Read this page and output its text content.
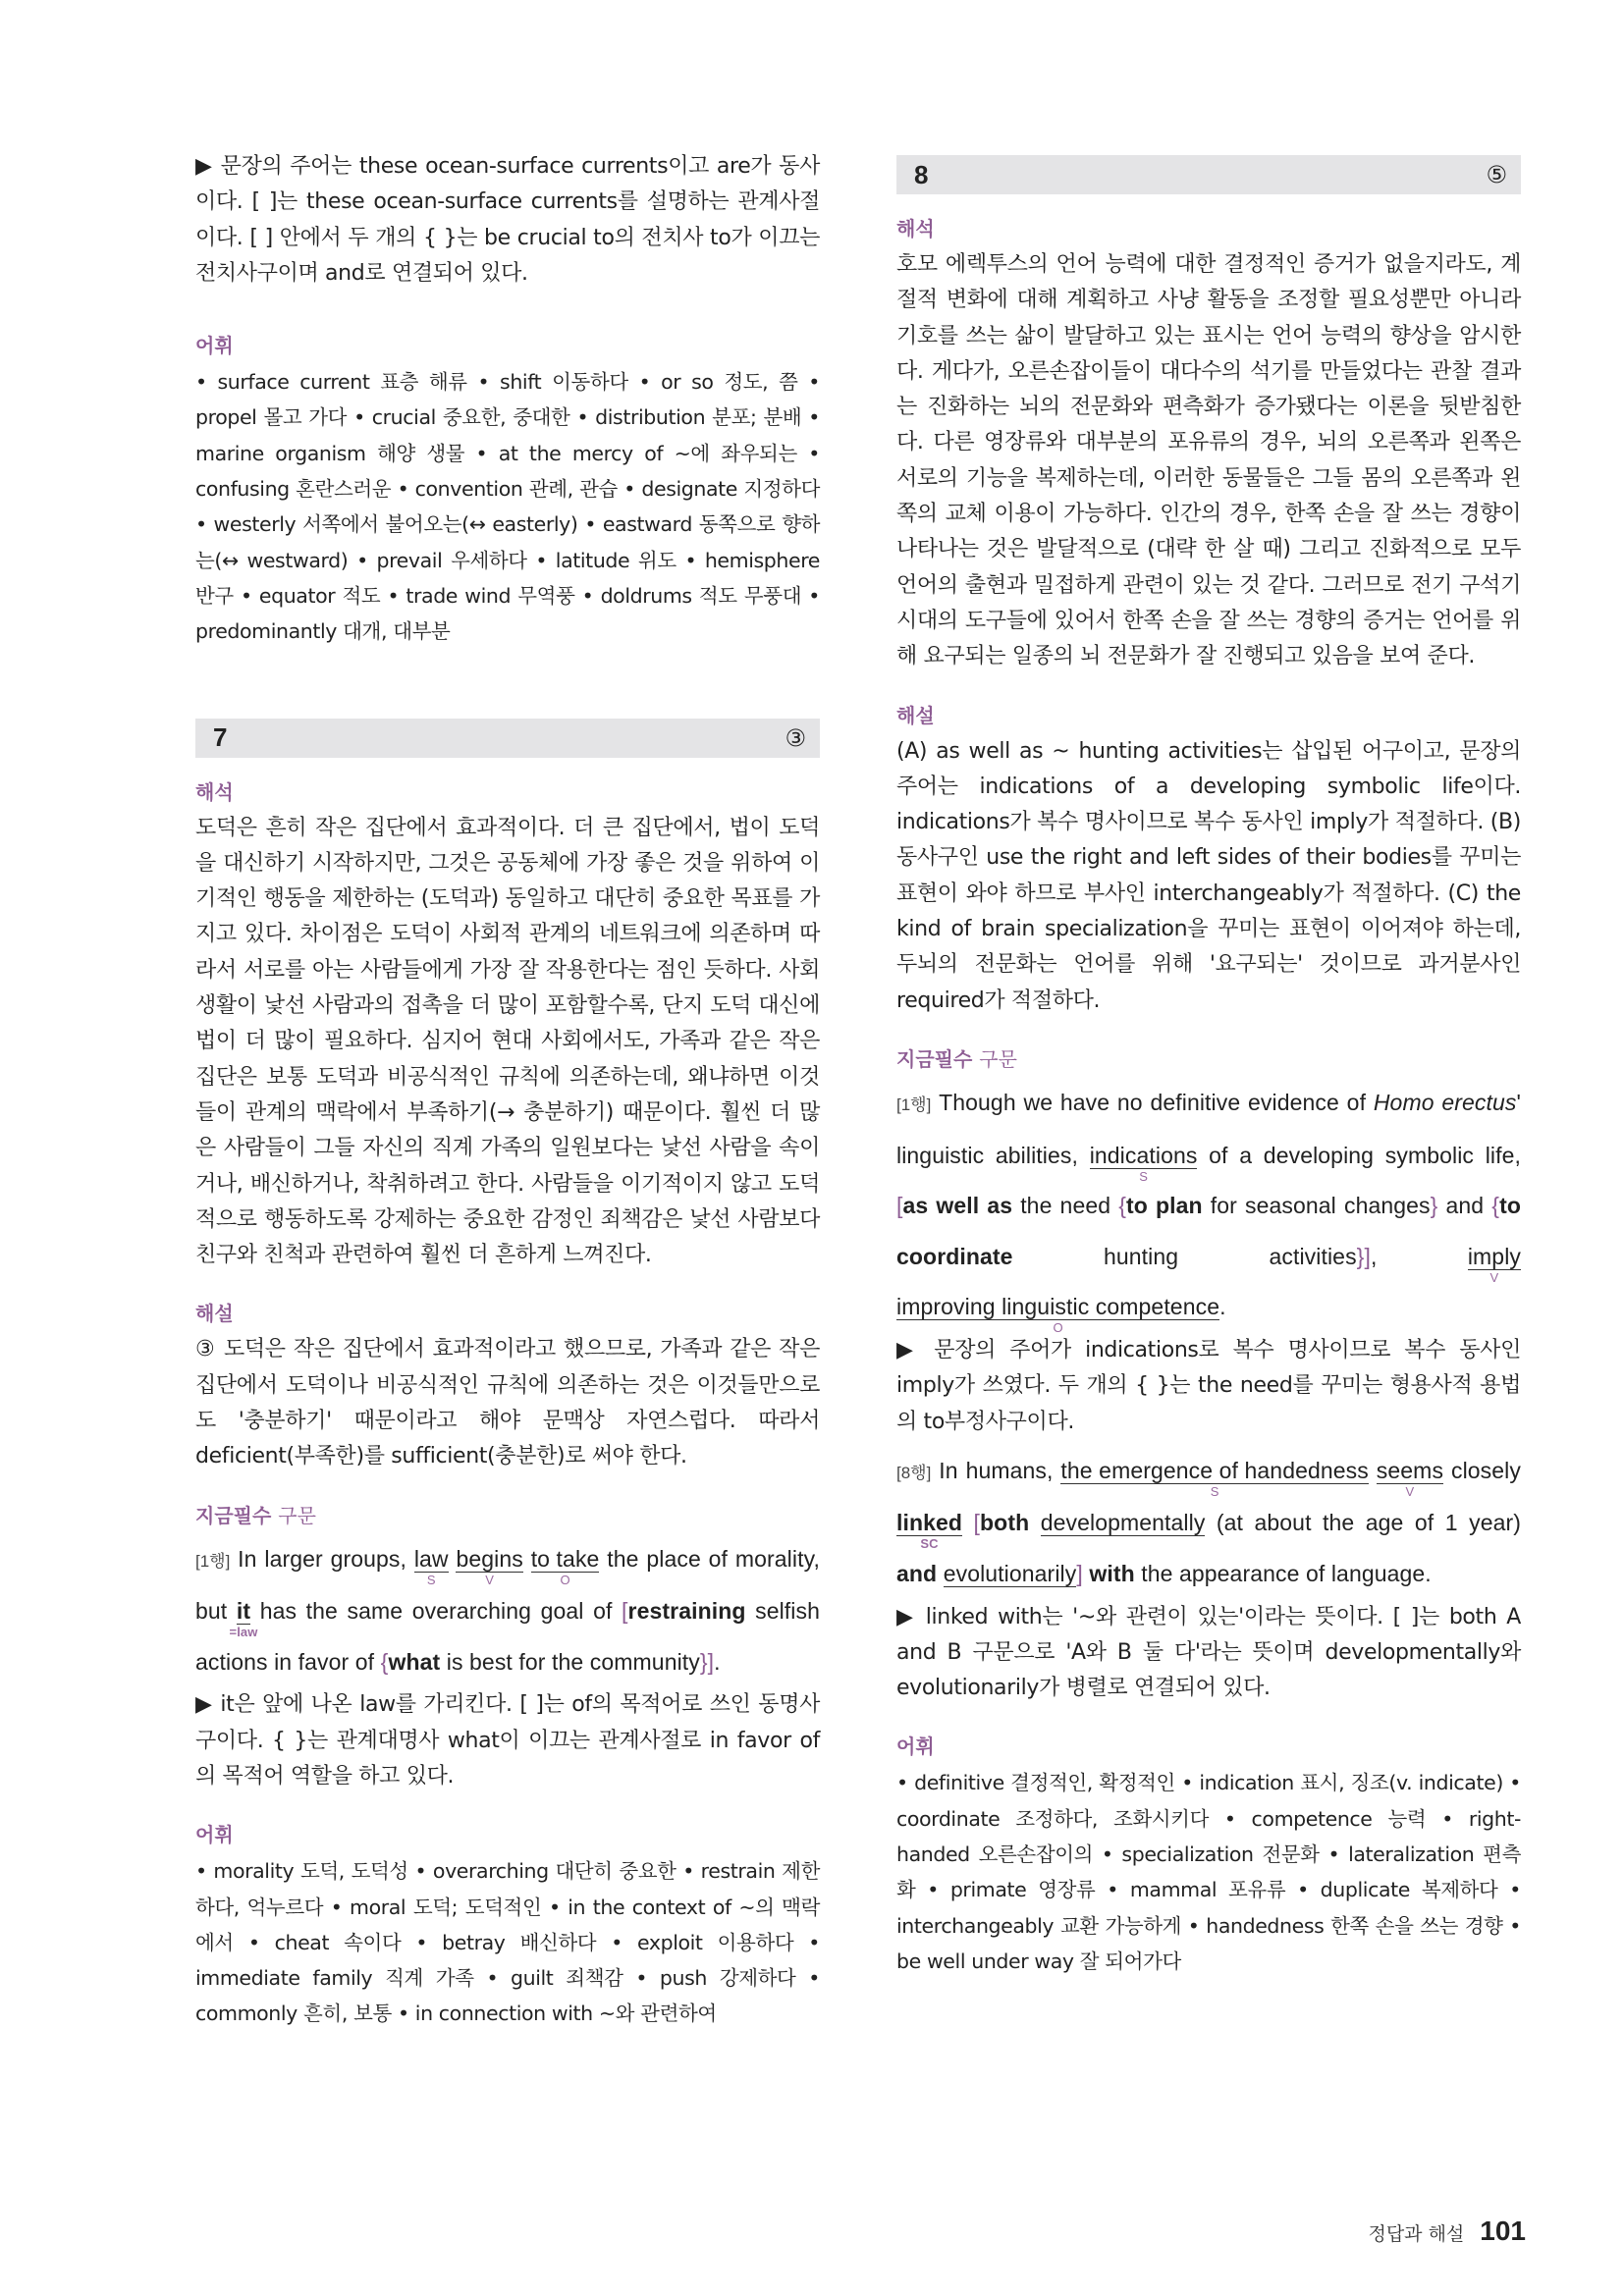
▶ 문장의 주어는 these ocean-surface currents이고 are가 동사이다. [ ]는 these ocean-surface currents를 설명하는 관계사절이다. [ ] 안에서 두 개의 { }는 be crucial to의 전치사 to가 이끄는 전치사구이며 and로 연결되어 있다.

어휘

• surface current 표층 해류 • shift 이동하다 • or so 정도, 쯤 • propel 몰고 가다 • crucial 중요한, 중대한 • distribution 분포; 분배 • marine organism 해양 생물 • at the mercy of ~에 좌우되는 • confusing 혼란스러운 • convention 관례, 관습 • designate 지정하다 • westerly 서쪽에서 불어오는(↔ easterly) • eastward 동쪽으로 향하는(↔ westward) • prevail 우세하다 • latitude 위도 • hemisphere 반구 • equator 적도 • trade wind 무역풍 • doldrums 적도 무풍대 • predominantly 대개, 대부분

7	③
해석

도덕은 흔히 작은 집단에서 효과적이다. 더 큰 집단에서, 법이 도덕을 대신하기 시작하지만, 그것은 공동체에 가장 좋은 것을 위하여 이기적인 행동을 제한하는 (도덕과) 동일하고 대단히 중요한 목표를 가지고 있다. 차이점은 도덕이 사회적 관계의 네트워크에 의존하며 따라서 서로를 아는 사람들에게 가장 잘 작용한다는 점인 듯하다. 사회생활이 낯선 사람과의 접촉을 더 많이 포함할수록, 단지 도덕 대신에 법이 더 많이 필요하다. 심지어 현대 사회에서도, 가족과 같은 작은 집단은 보통 도덕과 비공식적인 규칙에 의존하는데, 왜냐하면 이것들이 관계의 맥락에서 부족하기(→ 충분하기) 때문이다. 훨씬 더 많은 사람들이 그들 자신의 직계 가족의 일원보다는 낯선 사람을 속이거나, 배신하거나, 착취하려고 한다. 사람들을 이기적이지 않고 도덕적으로 행동하도록 강제하는 중요한 감정인 죄책감은 낯선 사람보다 친구와 친척과 관련하여 훨씬 더 흔하게 느껴진다.

해설

③ 도덕은 작은 집단에서 효과적이라고 했으므로, 가족과 같은 작은 집단에서 도덕이나 비공식적인 규칙에 의존하는 것은 이것들만으로도 '충분하기' 때문이라고 해야 문맥상 자연스럽다. 따라서 deficient(부족한)를 sufficient(충분한)로 써야 한다.

지금필수 구문

[1행] In larger groups, law
S
begins
V
to take
O
the place of morality, but it
=law
has the same overarching goal of [restraining selfish actions in favor of {what is best for the community}].

▶ it은 앞에 나온 law를 가리킨다. [ ]는 of의 목적어로 쓰인 동명사구이다. { }는 관계대명사 what이 이끄는 관계사절로 in favor of의 목적어 역할을 하고 있다.

어휘

• morality 도덕, 도덕성 • overarching 대단히 중요한 • restrain 제한하다, 억누르다 • moral 도덕; 도덕적인 • in the context of ~의 맥락에서 • cheat 속이다 • betray 배신하다 • exploit 이용하다 • immediate family 직계 가족 • guilt 죄책감 • push 강제하다 • commonly 흔히, 보통 • in connection with ~와 관련하여

8	⑤
해석

호모 에렉투스의 언어 능력에 대한 결정적인 증거가 없을지라도, 계절적 변화에 대해 계획하고 사냥 활동을 조정할 필요성뿐만 아니라 기호를 쓰는 삶이 발달하고 있는 표시는 언어 능력의 향상을 암시한다. 게다가, 오른손잡이들이 대다수의 석기를 만들었다는 관찰 결과는 진화하는 뇌의 전문화와 편측화가 증가됐다는 이론을 뒷받침한다. 다른 영장류와 대부분의 포유류의 경우, 뇌의 오른쪽과 왼쪽은 서로의 기능을 복제하는데, 이러한 동물들은 그들 몸의 오른쪽과 왼쪽의 교체 이용이 가능하다. 인간의 경우, 한쪽 손을 잘 쓰는 경향이 나타나는 것은 발달적으로 (대략 한 살 때) 그리고 진화적으로 모두 언어의 출현과 밀접하게 관련이 있는 것 같다. 그러므로 전기 구석기 시대의 도구들에 있어서 한쪽 손을 잘 쓰는 경향의 증거는 언어를 위해 요구되는 일종의 뇌 전문화가 잘 진행되고 있음을 보여 준다.

해설

(A) as well as ~ hunting activities는 삽입된 어구이고, 문장의 주어는 indications of a developing symbolic life이다. indications가 복수 명사이므로 복수 동사인 imply가 적절하다. (B) 동사구인 use the right and left sides of their bodies를 꾸미는 표현이 와야 하므로 부사인 interchangeably가 적절하다. (C) the kind of brain specialization을 꾸미는 표현이 이어져야 하는데, 두뇌의 전문화는 언어를 위해 '요구되는' 것이므로 과거분사인 required가 적절하다.

지금필수 구문

[1행] Though we have no definitive evidence of Homo erectus' linguistic abilities, indications
S
of a developing symbolic life, [as well as the need {to plan for seasonal changes} and {to coordinate hunting activities}], imply
V
improving linguistic competence
O
.

▶ 문장의 주어가 indications로 복수 명사이므로 복수 동사인 imply가 쓰였다. 두 개의 { }는 the need를 꾸미는 형용사적 용법의 to부정사구이다.

[8행] In humans, the emergence of handedness
S
seems
V
closely linked
SC
[both developmentally (at about the age of 1 year) and evolutionarily] with the appearance of language.

▶ linked with는 '~와 관련이 있는'이라는 뜻이다. [ ]는 both A and B 구문으로 'A와 B 둘 다'라는 뜻이며 developmentally와 evolutionarily가 병렬로 연결되어 있다.

어휘

• definitive 결정적인, 확정적인 • indication 표시, 징조(v. indicate) • coordinate 조정하다, 조화시키다 • competence 능력 • right-handed 오른손잡이의 • specialization 전문화 • lateralization 편측화 • primate 영장류 • mammal 포유류 • duplicate 복제하다 • interchangeably 교환 가능하게 • handedness 한쪽 손을 쓰는 경향 • be well under way 잘 되어가다

정답과 해설 101
